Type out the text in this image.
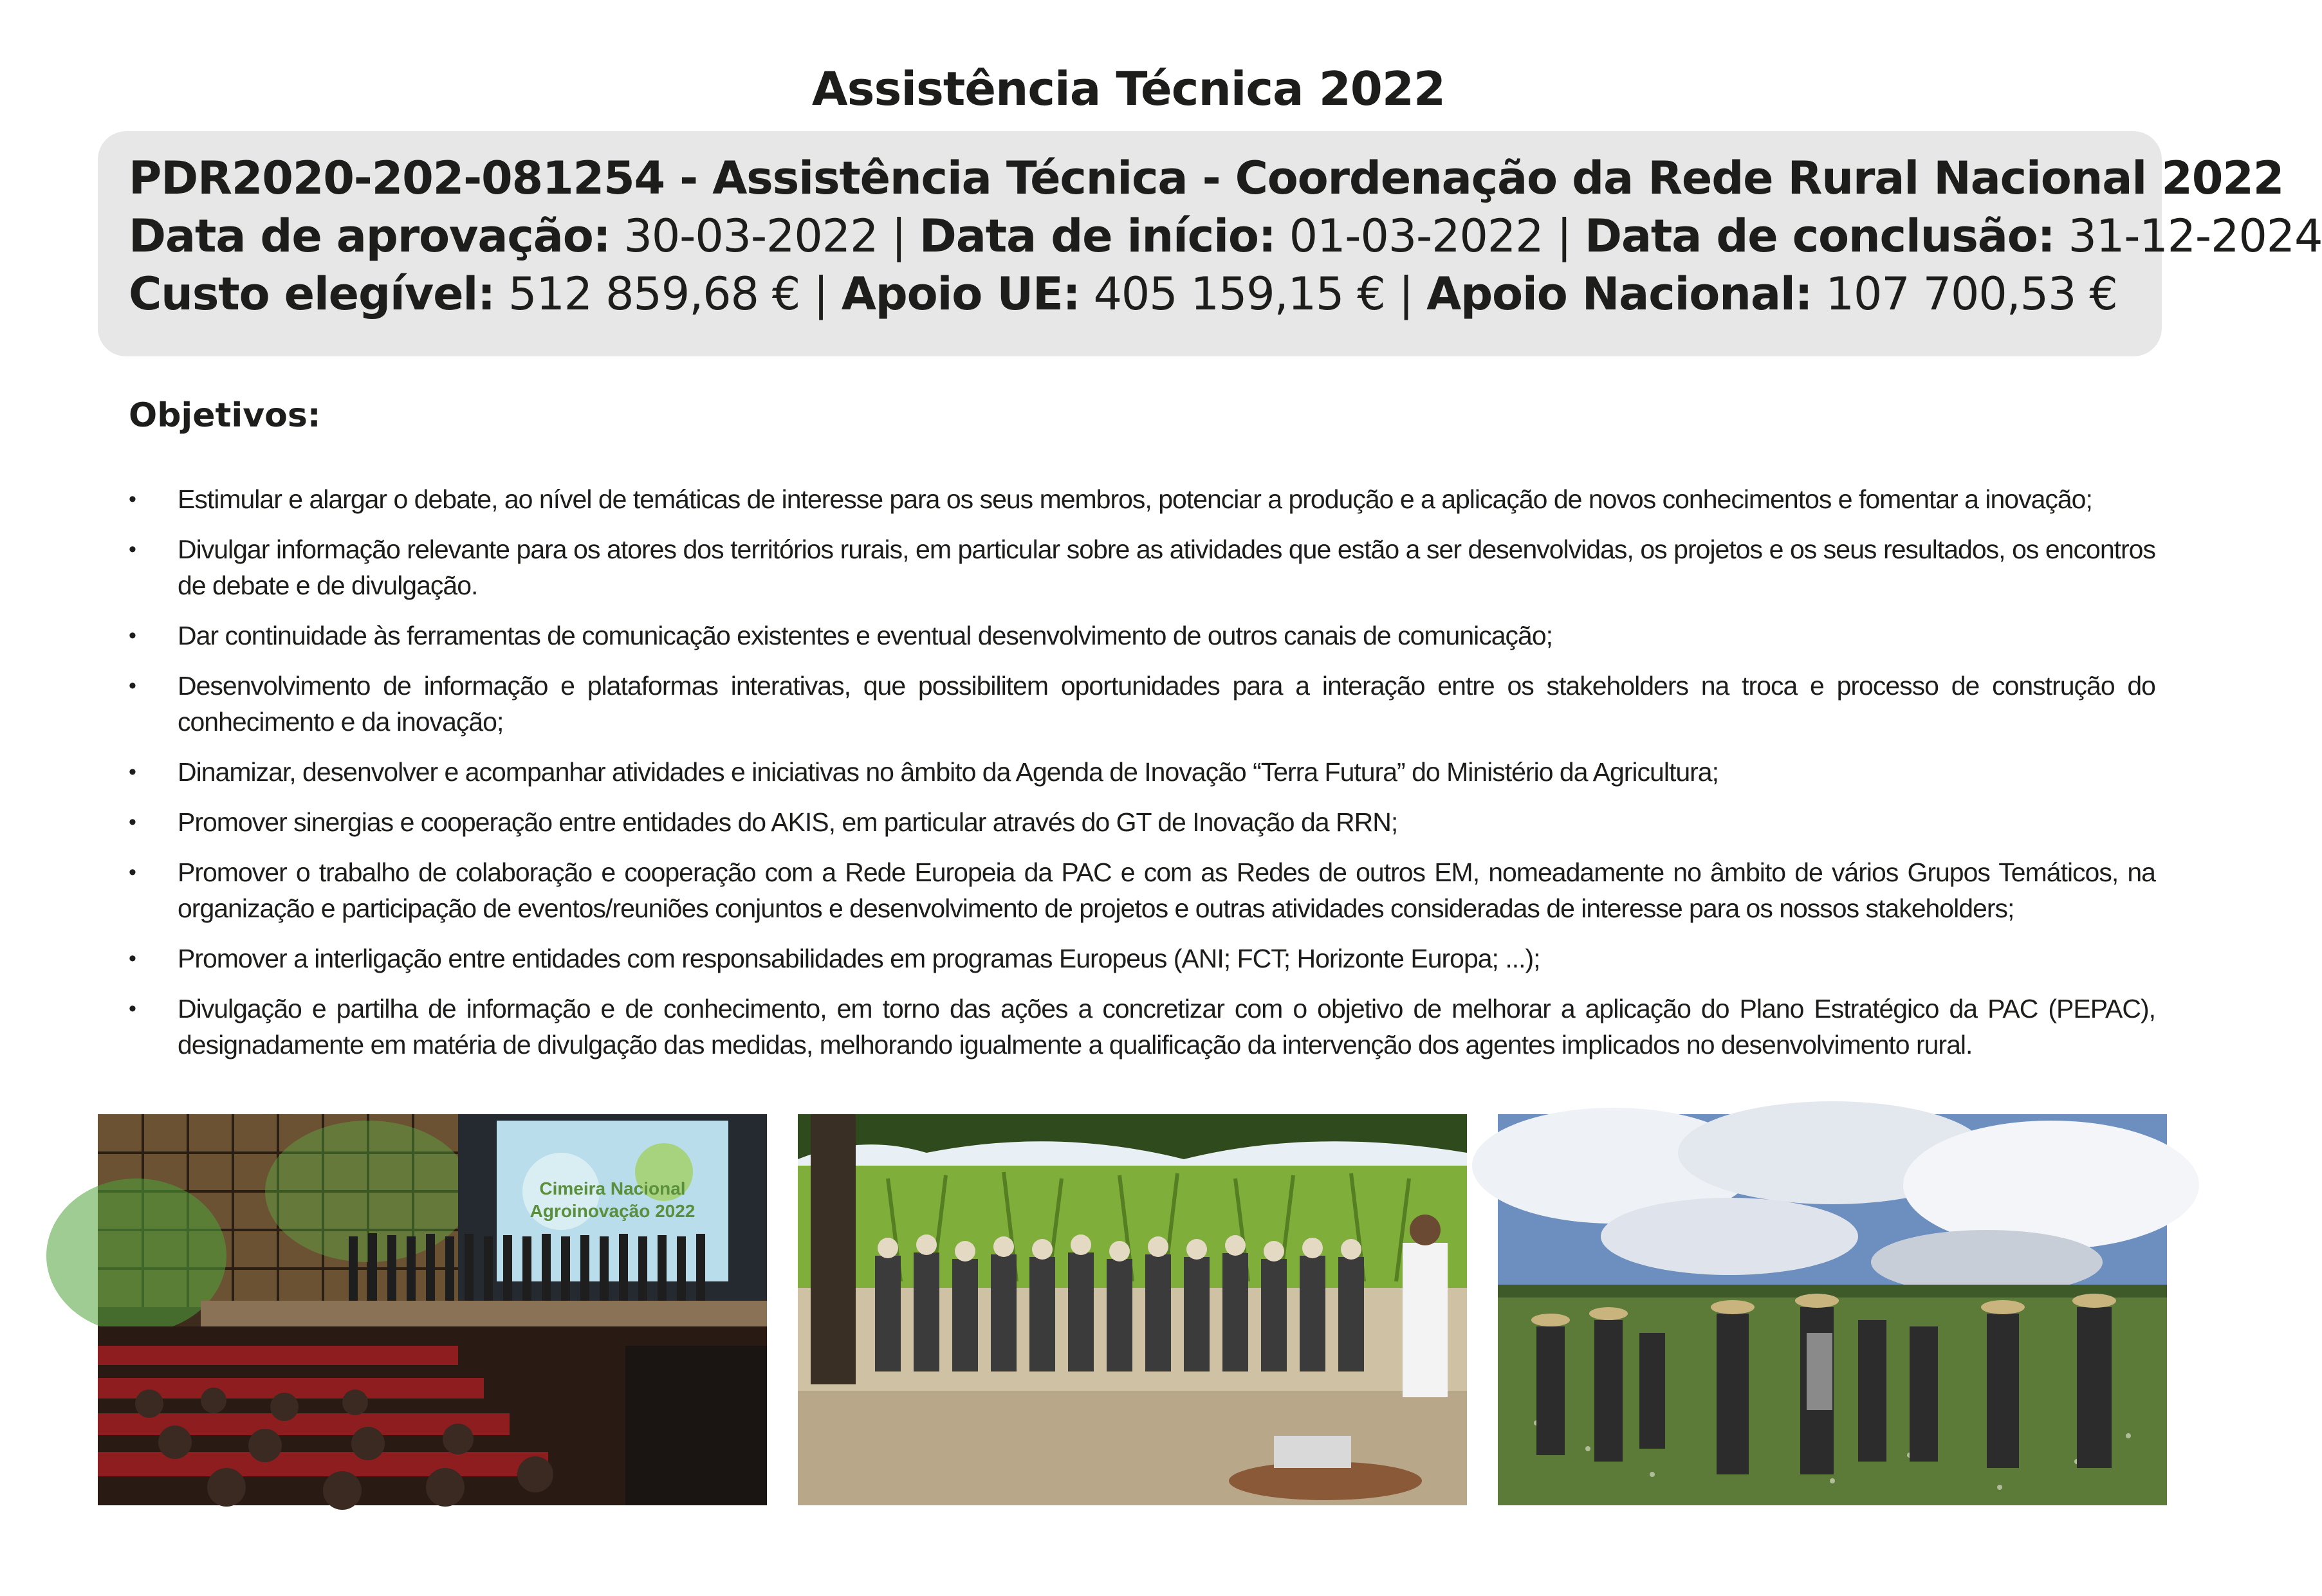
Assistência Técnica 2022
PDR2020-202-081254 - Assistência Técnica - Coordenação da Rede Rural Nacional 2022
Data de aprovação: 30-03-2022 | Data de início: 01-03-2022 | Data de conclusão: 31-12-2024
Custo elegível: 512 859,68 € | Apoio UE: 405 159,15 € | Apoio Nacional: 107 700,53 €
Objetivos:
•	Estimular e alargar o debate, ao nível de temáticas de interesse para os seus membros, potenciar a produção e a aplicação de novos conhecimentos e fomentar a inovação;
•	Divulgar informação relevante para os atores dos territórios rurais, em particular sobre as atividades que estão a ser desenvolvidas, os projetos e os seus resultados, os encontros de debate e de divulgação.
•	Dar continuidade às ferramentas de comunicação existentes e eventual desenvolvimento de outros canais de comunicação;
•	Desenvolvimento de informação e plataformas interativas, que possibilitem oportunidades para a interação entre os stakeholders na troca e processo de construção do conhecimento e da inovação;
•	Dinamizar, desenvolver e acompanhar atividades e iniciativas no âmbito da Agenda de Inovação “Terra Futura” do Ministério da Agricultura;
•	Promover sinergias e cooperação entre entidades do AKIS, em particular através do GT de Inovação da RRN;
•	Promover o trabalho de colaboração e cooperação com a Rede Europeia da PAC e com as Redes de outros EM, nomeadamente no âmbito de vários Grupos Temáticos, na organização e participação de eventos/reuniões conjuntos e desenvolvimento de projetos e outras atividades consideradas de interesse para os nossos stakeholders;
•	Promover a interligação entre entidades com responsabilidades em programas Europeus (ANI; FCT; Horizonte Europa; ...);
•	Divulgação e partilha de informação e de conhecimento, em torno das ações a concretizar com o objetivo de melhorar a aplicação do Plano Estratégico da PAC (PEPAC), designadamente em matéria de divulgação das medidas, melhorando igualmente a qualificação da intervenção dos agentes implicados no desenvolvimento rural.
Cimeira Nacional
Agroinovação 2022
